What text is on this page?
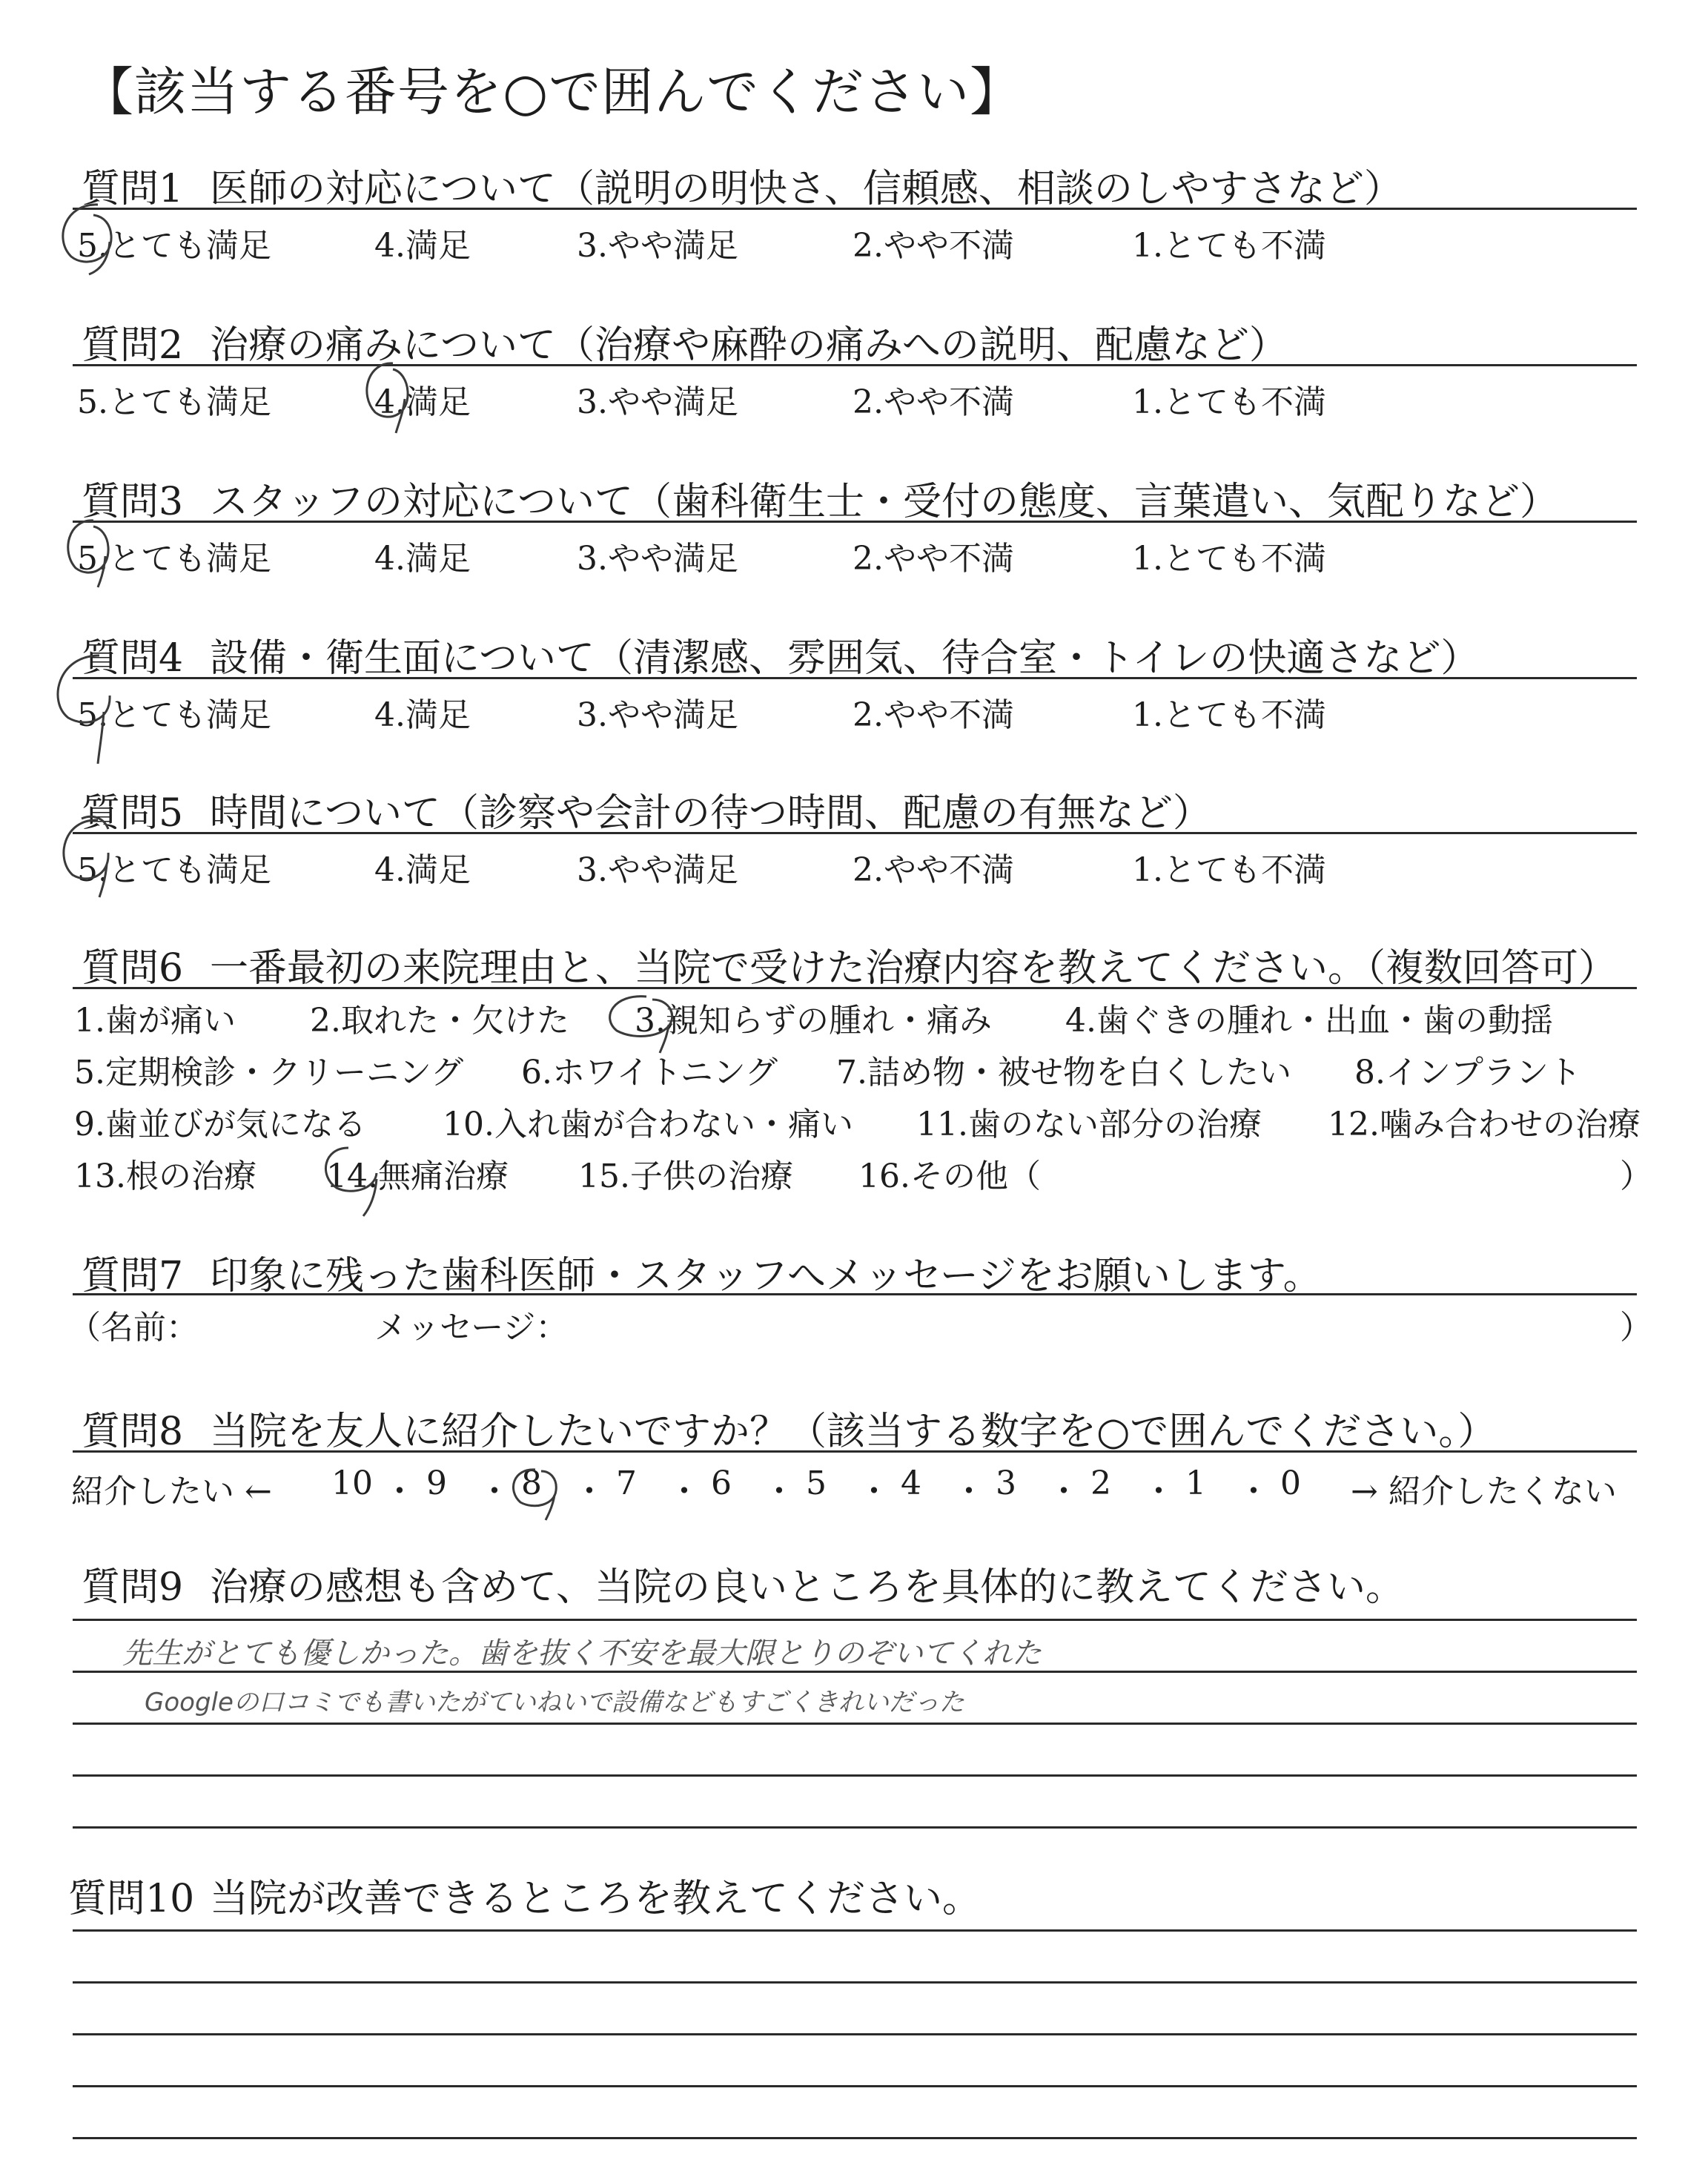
【該当する番号を○で囲んでください】
質問1 医師の対応について（説明の明快さ、信頼感、相談のしやすさなど）
5.とても満足	4.満足	3.やや満足	2.やや不満	1.とても不満
質問2 治療の痛みについて（治療や麻酔の痛みへの説明、配慮など）
5.とても満足	4.満足	3.やや満足	2.やや不満	1.とても不満
質問3 スタッフの対応について（歯科衛生士・受付の態度、言葉遣い、気配りなど）
5.とても満足	4.満足	3.やや満足	2.やや不満	1.とても不満
質問4 設備・衛生面について（清潔感、雰囲気、待合室・トイレの快適さなど）
5.とても満足	4.満足	3.やや満足	2.やや不満	1.とても不満
質問5 時間について（診察や会計の待つ時間、配慮の有無など）
5.とても満足	4.満足	3.やや満足	2.やや不満	1.とても不満
質問6 一番最初の来院理由と、当院で受けた治療内容を教えてください。（複数回答可）
1.歯が痛い 2.取れた・欠けた 3.親知らずの腫れ・痛み 4.歯ぐきの腫れ・出血・歯の動揺
5.定期検診・クリーニング 6.ホワイトニング 7.詰め物・被せ物を白くしたい 8.インプラント
9.歯並びが気になる 10.入れ歯が合わない・痛い 11.歯のない部分の治療 12.噛み合わせの治療
13.根の治療 14.無痛治療 15.子供の治療 16.その他（	）
質問7 印象に残った歯科医師・スタッフへメッセージをお願いします。
（名前：	メッセージ：	）
質問8 当院を友人に紹介したいですか？（該当する数字を○で囲んでください。）
紹介したい ←	→ 紹介したくない
10 ・ 9 ・ 8 ・ 7 ・ 6 ・ 5 ・ 4 ・ 3 ・ 2 ・ 1 ・ 0
質問9 治療の感想も含めて、当院の良いところを具体的に教えてください。
先生がとても優しかった。歯を抜く不安を最大限とりのぞいてくれた
Googleの口コミでも書いたがていねいで設備などもすごくきれいだった
質問10 当院が改善できるところを教えてください。
